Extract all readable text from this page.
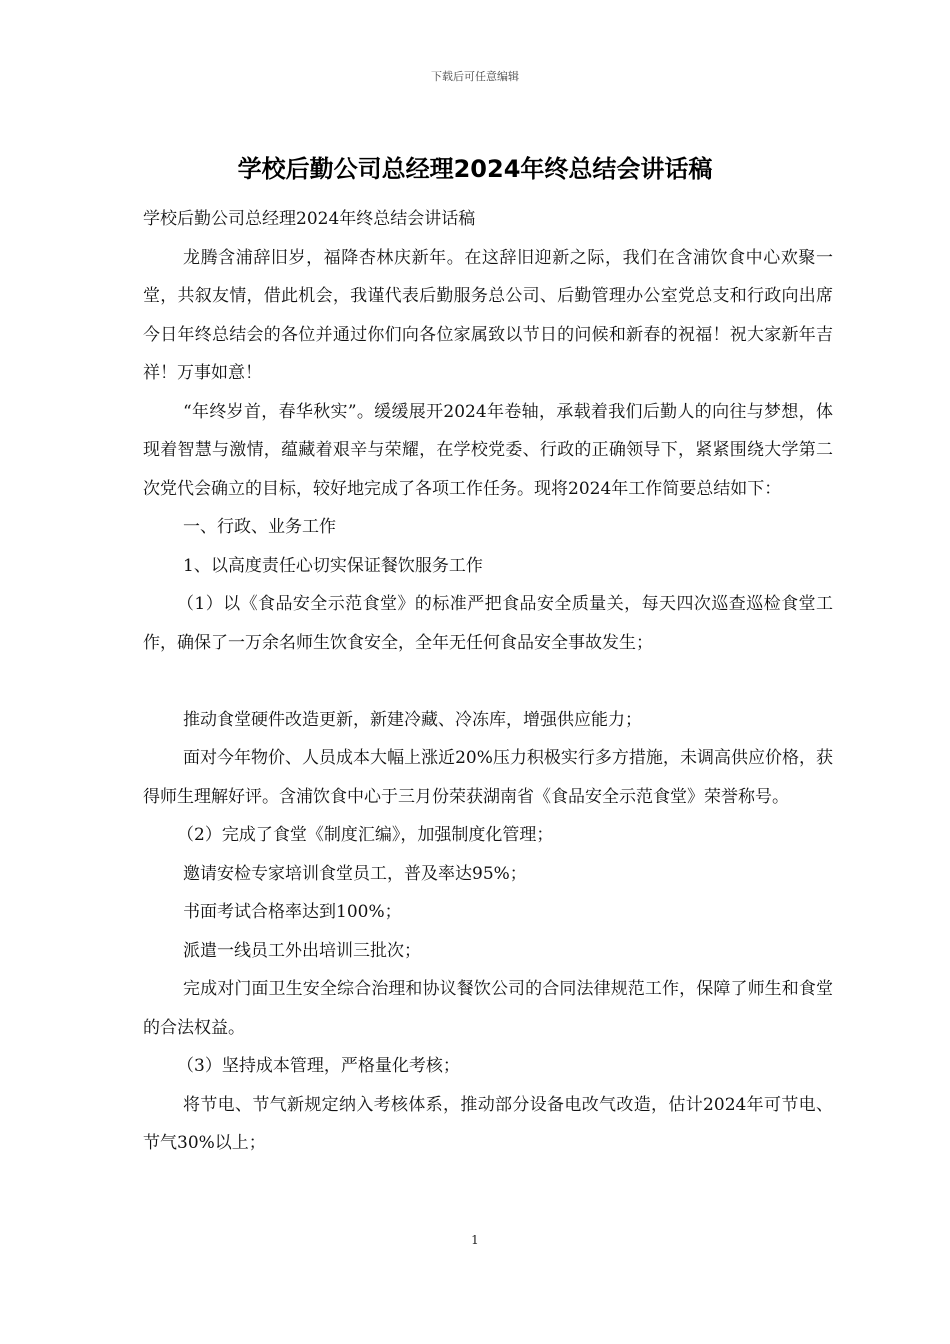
下载后可任意编辑
学校后勤公司总经理2024年终总结会讲话稿

学校后勤公司总经理2024年终总结会讲话稿

龙腾含浦辞旧岁，福降杏林庆新年。在这辞旧迎新之际，我们在含浦饮食中心欢聚一堂，共叙友情，借此机会，我谨代表后勤服务总公司、后勤管理办公室党总支和行政向出席今日年终总结会的各位并通过你们向各位家属致以节日的问候和新春的祝福！祝大家新年吉祥！万事如意！

“年终岁首，春华秋实”。缓缓展开2024年卷轴，承载着我们后勤人的向往与梦想，体现着智慧与激情，蕴藏着艰辛与荣耀，在学校党委、行政的正确领导下，紧紧围绕大学第二次党代会确立的目标，较好地完成了各项工作任务。现将2024年工作简要总结如下：

一、行政、业务工作

1、以高度责任心切实保证餐饮服务工作

（1）以《食品安全示范食堂》的标准严把食品安全质量关，每天四次巡查巡检食堂工作，确保了一万余名师生饮食安全，全年无任何食品安全事故发生；

推动食堂硬件改造更新，新建冷藏、冷冻库，增强供应能力；

面对今年物价、人员成本大幅上涨近20%压力积极实行多方措施，未调高供应价格，获得师生理解好评。含浦饮食中心于三月份荣获湖南省《食品安全示范食堂》荣誉称号。

（2）完成了食堂《制度汇编》，加强制度化管理；

邀请安检专家培训食堂员工，普及率达95%；

书面考试合格率达到100%；

派遣一线员工外出培训三批次；

完成对门面卫生安全综合治理和协议餐饮公司的合同法律规范工作，保障了师生和食堂的合法权益。

（3）坚持成本管理，严格量化考核；

将节电、节气新规定纳入考核体系，推动部分设备电改气改造，估计2024年可节电、节气30%以上；

1
